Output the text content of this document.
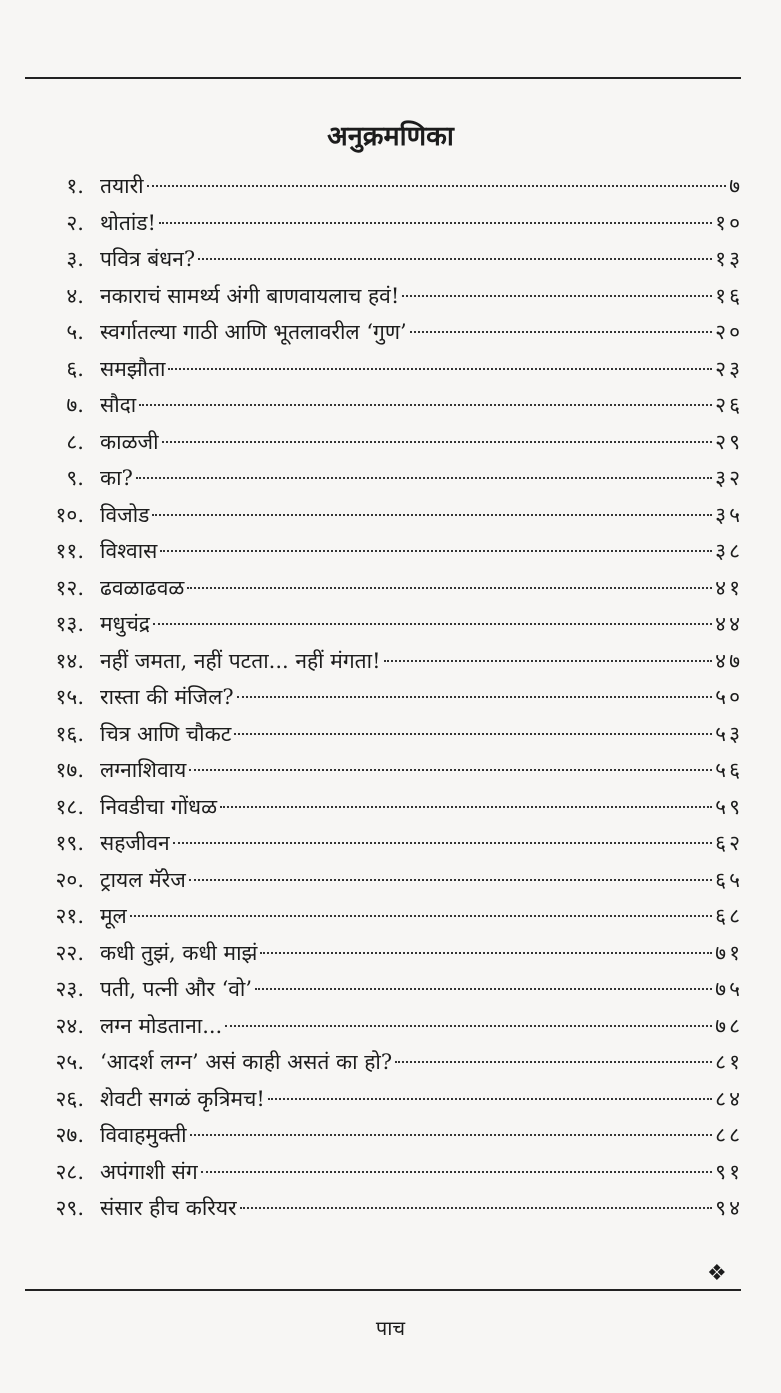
अनुक्रमणिका
१. तयारी	७
२. थोतांड!	१०
३. पवित्र बंधन?	१३
४. नकाराचं सामर्थ्य अंगी बाणवायलाच हवं!	१६
५. स्वर्गातल्या गाठी आणि भूतलावरील ‘गुण’	२०
६. समझौता	२३
७. सौदा	२६
८. काळजी	२९
९. का?	३२
१०. विजोड	३५
११. विश्वास	३८
१२. ढवळाढवळ	४१
१३. मधुचंद्र	४४
१४. नहीं जमता, नहीं पटता... नहीं मंगता!	४७
१५. रास्ता की मंजिल?	५०
१६. चित्र आणि चौकट	५३
१७. लग्नाशिवाय	५६
१८. निवडीचा गोंधळ	५९
१९. सहजीवन	६२
२०. ट्रायल मॅरेज	६५
२१. मूल	६८
२२. कधी तुझं, कधी माझं	७१
२३. पती, पत्नी और ‘वो’	७५
२४. लग्न मोडताना...	७८
२५. ‘आदर्श लग्न’ असं काही असतं का हो?	८१
२६. शेवटी सगळं कृत्रिमच!	८४
२७. विवाहमुक्ती	८८
२८. अपंगाशी संग	९१
२९. संसार हीच करियर	९४
❖
पाच
